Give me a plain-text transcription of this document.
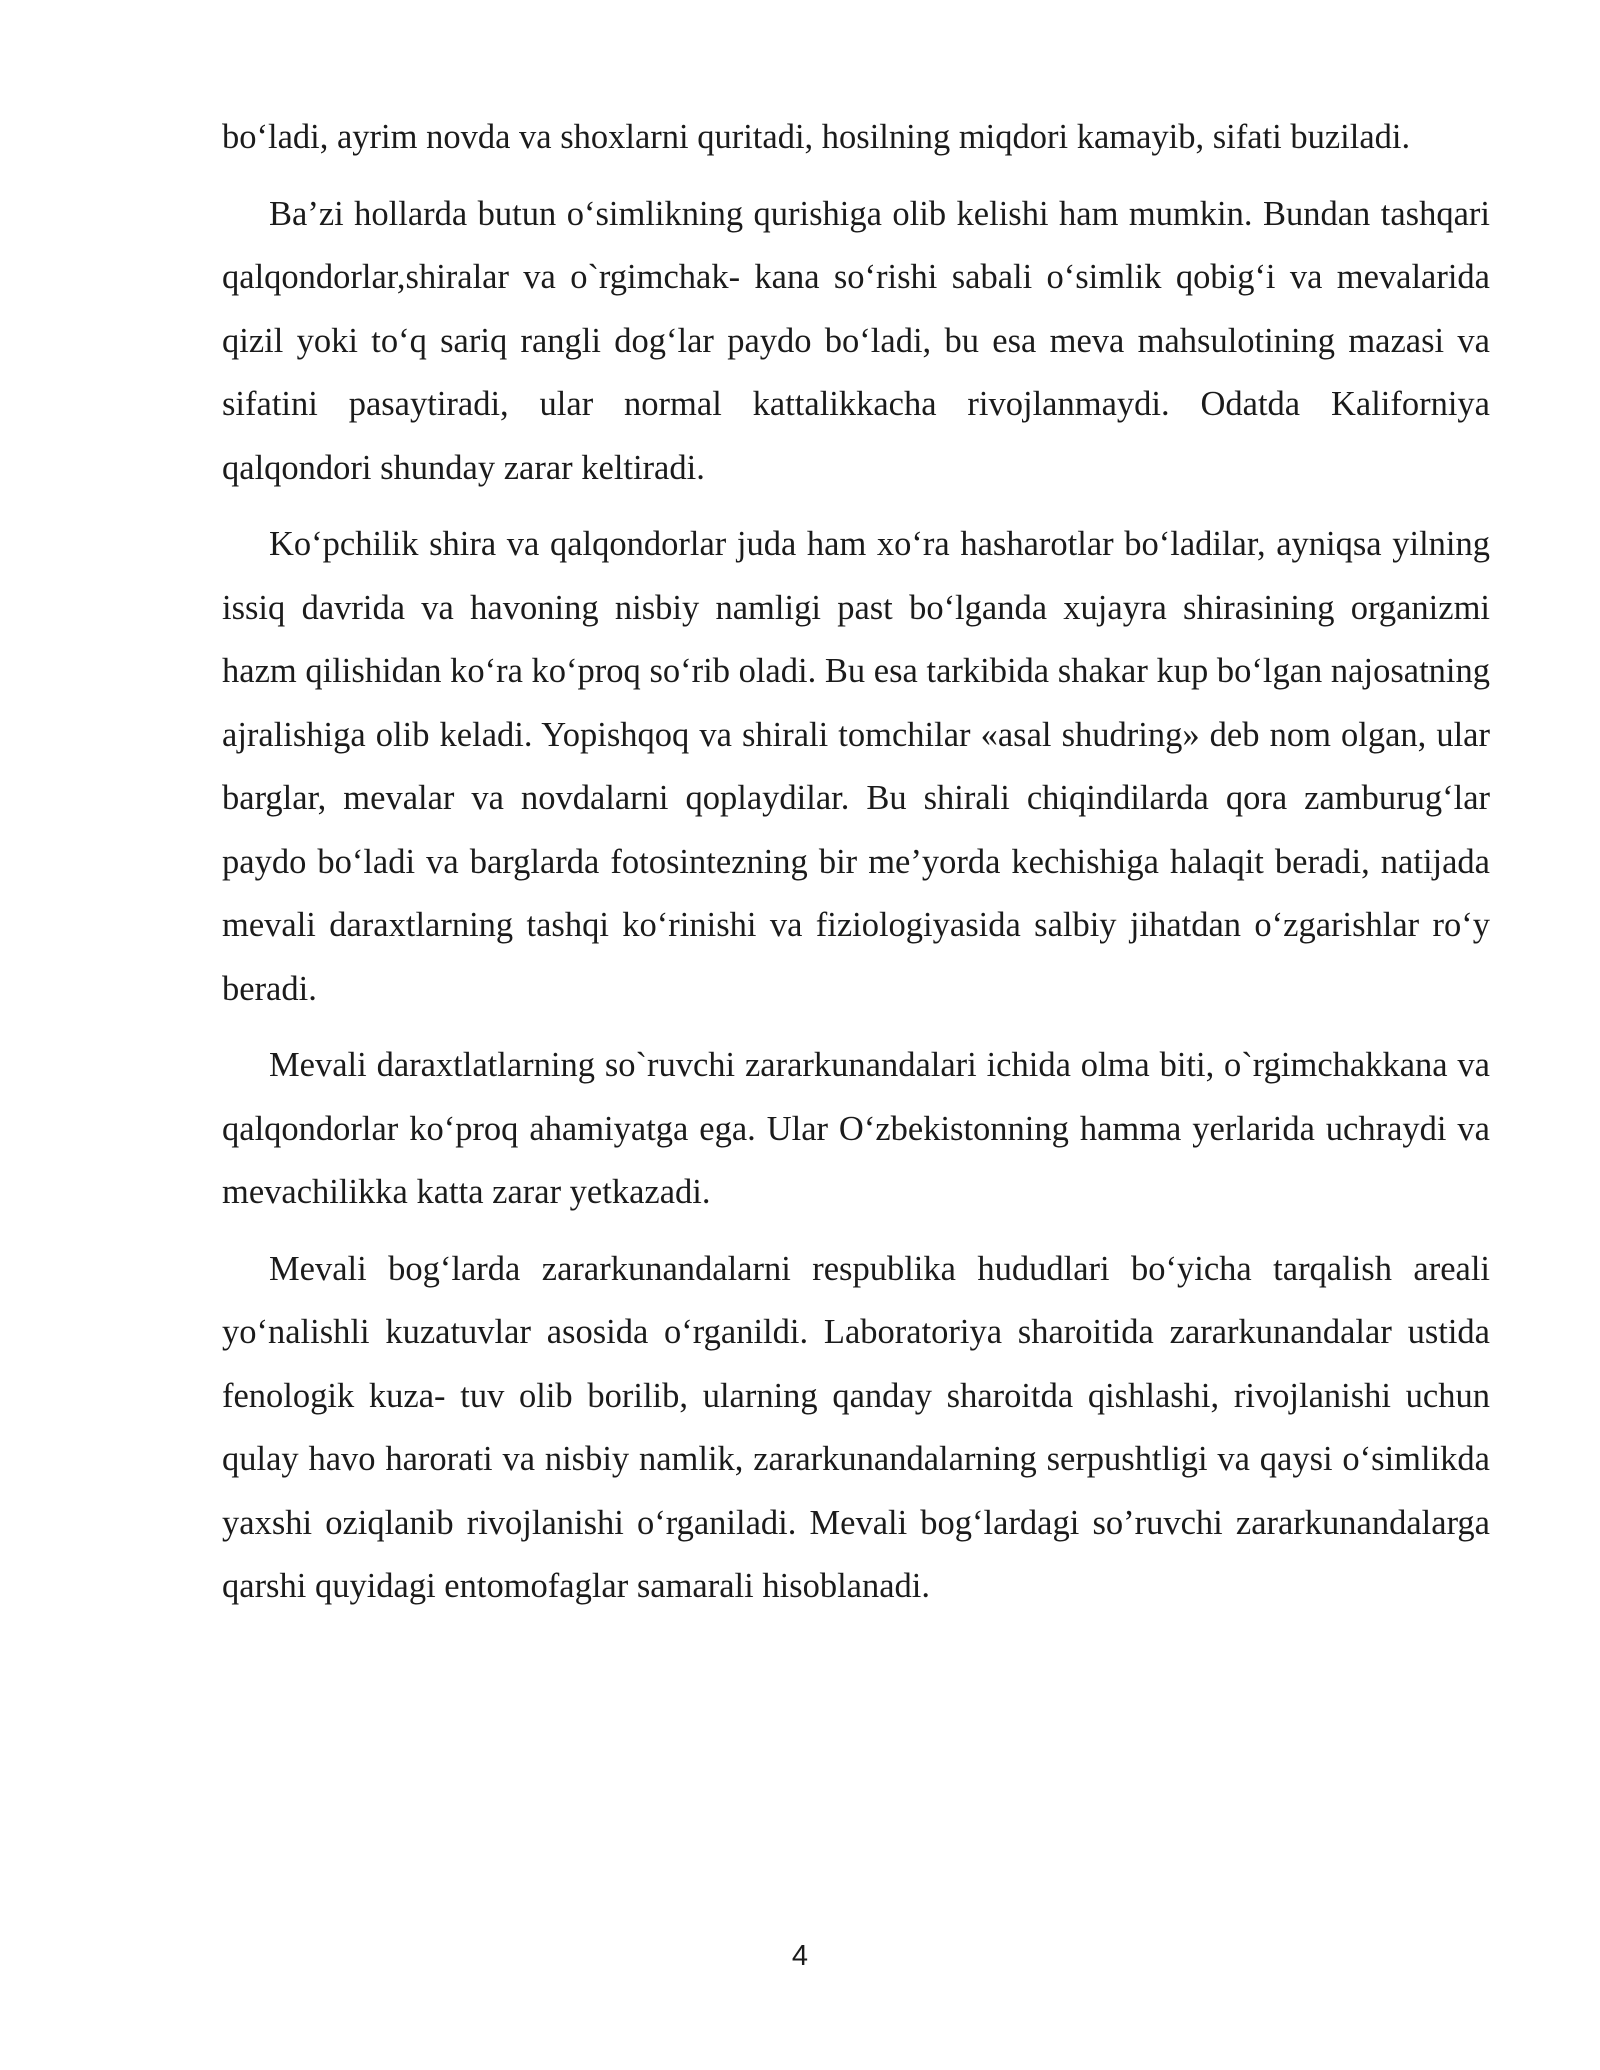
bo‘ladi, ayrim novda va shoxlarni quritadi, hosilning miqdori kamayib, sifati buziladi.

Ba’zi hollarda butun o‘simlikning qurishiga olib kelishi ham mumkin. Bundan tashqari qalqondorlar,shiralar va o`rgimchak- kana so‘rishi sabali o‘simlik qobig‘i va mevalarida qizil yoki to‘q sariq rangli dog‘lar paydo bo‘ladi, bu esa meva mahsulotining mazasi va sifatini pasaytiradi, ular normal kattalikkacha rivojlanmaydi. Odatda Kaliforniya qalqondori shunday zarar keltiradi.

Ko‘pchilik shira va qalqondorlar juda ham xo‘ra hasharotlar bo‘ladilar, ayniqsa yilning issiq davrida va havoning nisbiy namligi past bo‘lganda xujayra shirasining organizmi hazm qilishidan ko‘ra ko‘proq so‘rib oladi. Bu esa tarkibida shakar kup bo‘lgan najosatning ajralishiga olib keladi. Yopishqoq va shirali tomchilar «asal shudring» deb nom olgan, ular barglar, mevalar va novdalarni qoplaydilar. Bu shirali chiqindilarda qora zamburug‘lar paydo bo‘ladi va barglarda fotosintezning bir me’yorda kechishiga halaqit beradi, natijada mevali daraxtlarning tashqi ko‘rinishi va fiziologiyasida salbiy jihatdan o‘zgarishlar ro‘y beradi.

Mevali daraxtlatlarning so`ruvchi zararkunandalari ichida olma biti, o`rgimchakkana va qalqondorlar ko‘proq ahamiyatga ega. Ular O‘zbekistonning hamma yerlarida uchraydi va mevachilikka katta zarar yetkazadi.

Mevali bog‘larda zararkunandalarni respublika hududlari bo‘yicha tarqalish areali yo‘nalishli kuzatuvlar asosida o‘rganildi. Laboratoriya sharoitida zararkunandalar ustida fenologik kuza- tuv olib borilib, ularning qanday sharoitda qishlashi, rivojlanishi uchun qulay havo harorati va nisbiy namlik, zararkunandalarning serpushtligi va qaysi o‘simlikda yaxshi oziqlanib rivojlanishi o‘rganiladi. Mevali bog‘lardagi so’ruvchi zararkunandalarga qarshi quyidagi entomofaglar samarali hisoblanadi.

4
